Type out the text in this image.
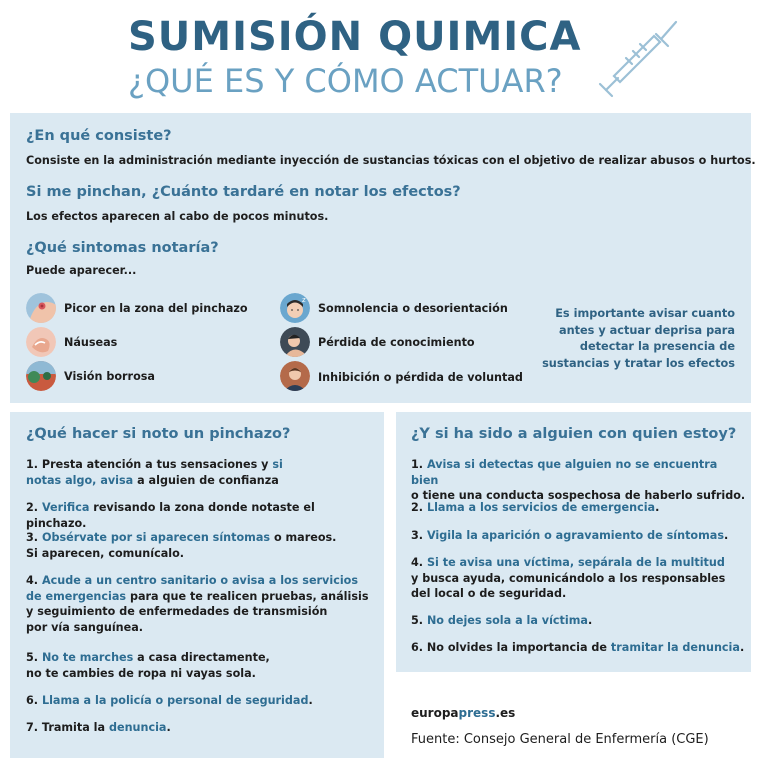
SUMISIÓN QUIMICA
¿QUÉ ES Y CÓMO ACTUAR?
¿En qué consiste?
Consiste en la administración mediante inyección de sustancias tóxicas con el objetivo de realizar abusos o hurtos.
Si me pinchan, ¿Cuánto tardaré en notar los efectos?
Los efectos aparecen al cabo de pocos minutos.
¿Qué sintomas notaría?
Puede aparecer...
Picor en la zona del pinchazo
Náuseas
Visión borrosa
z
Somnolencia o desorientación
Pérdida de conocimiento
Inhibición o pérdida de voluntad
Es importante avisar cuanto
antes y actuar deprisa para
detectar la presencia de
sustancias y tratar los efectos
¿Qué hacer si noto un pinchazo?
1. Presta atención a tus sensaciones y si
notas algo, avisa a alguien de confianza
2. Verifica revisando la zona donde notaste el pinchazo.
3. Obsérvate por si aparecen síntomas o mareos.
Si aparecen, comunícalo.
4. Acude a un centro sanitario o avisa a los servicios
de emergencias para que te realicen pruebas, análisis
y seguimiento de enfermedades de transmisión
por vía sanguínea.
5. No te marches a casa directamente,
no te cambies de ropa ni vayas sola.
6. Llama a la policía o personal de seguridad.
7. Tramita la denuncia.
¿Y si ha sido a alguien con quien estoy?
1. Avisa si detectas que alguien no se encuentra bien
o tiene una conducta sospechosa de haberlo sufrido.
2. Llama a los servicios de emergencia.
3. Vigila la aparición o agravamiento de síntomas.
4. Si te avisa una víctima, sepárala de la multitud
y busca ayuda, comunicándolo a los responsables
del local o de seguridad.
5. No dejes sola a la víctima.
6. No olvides la importancia de tramitar la denuncia.
europapress.es
Fuente: Consejo General de Enfermería (CGE)
